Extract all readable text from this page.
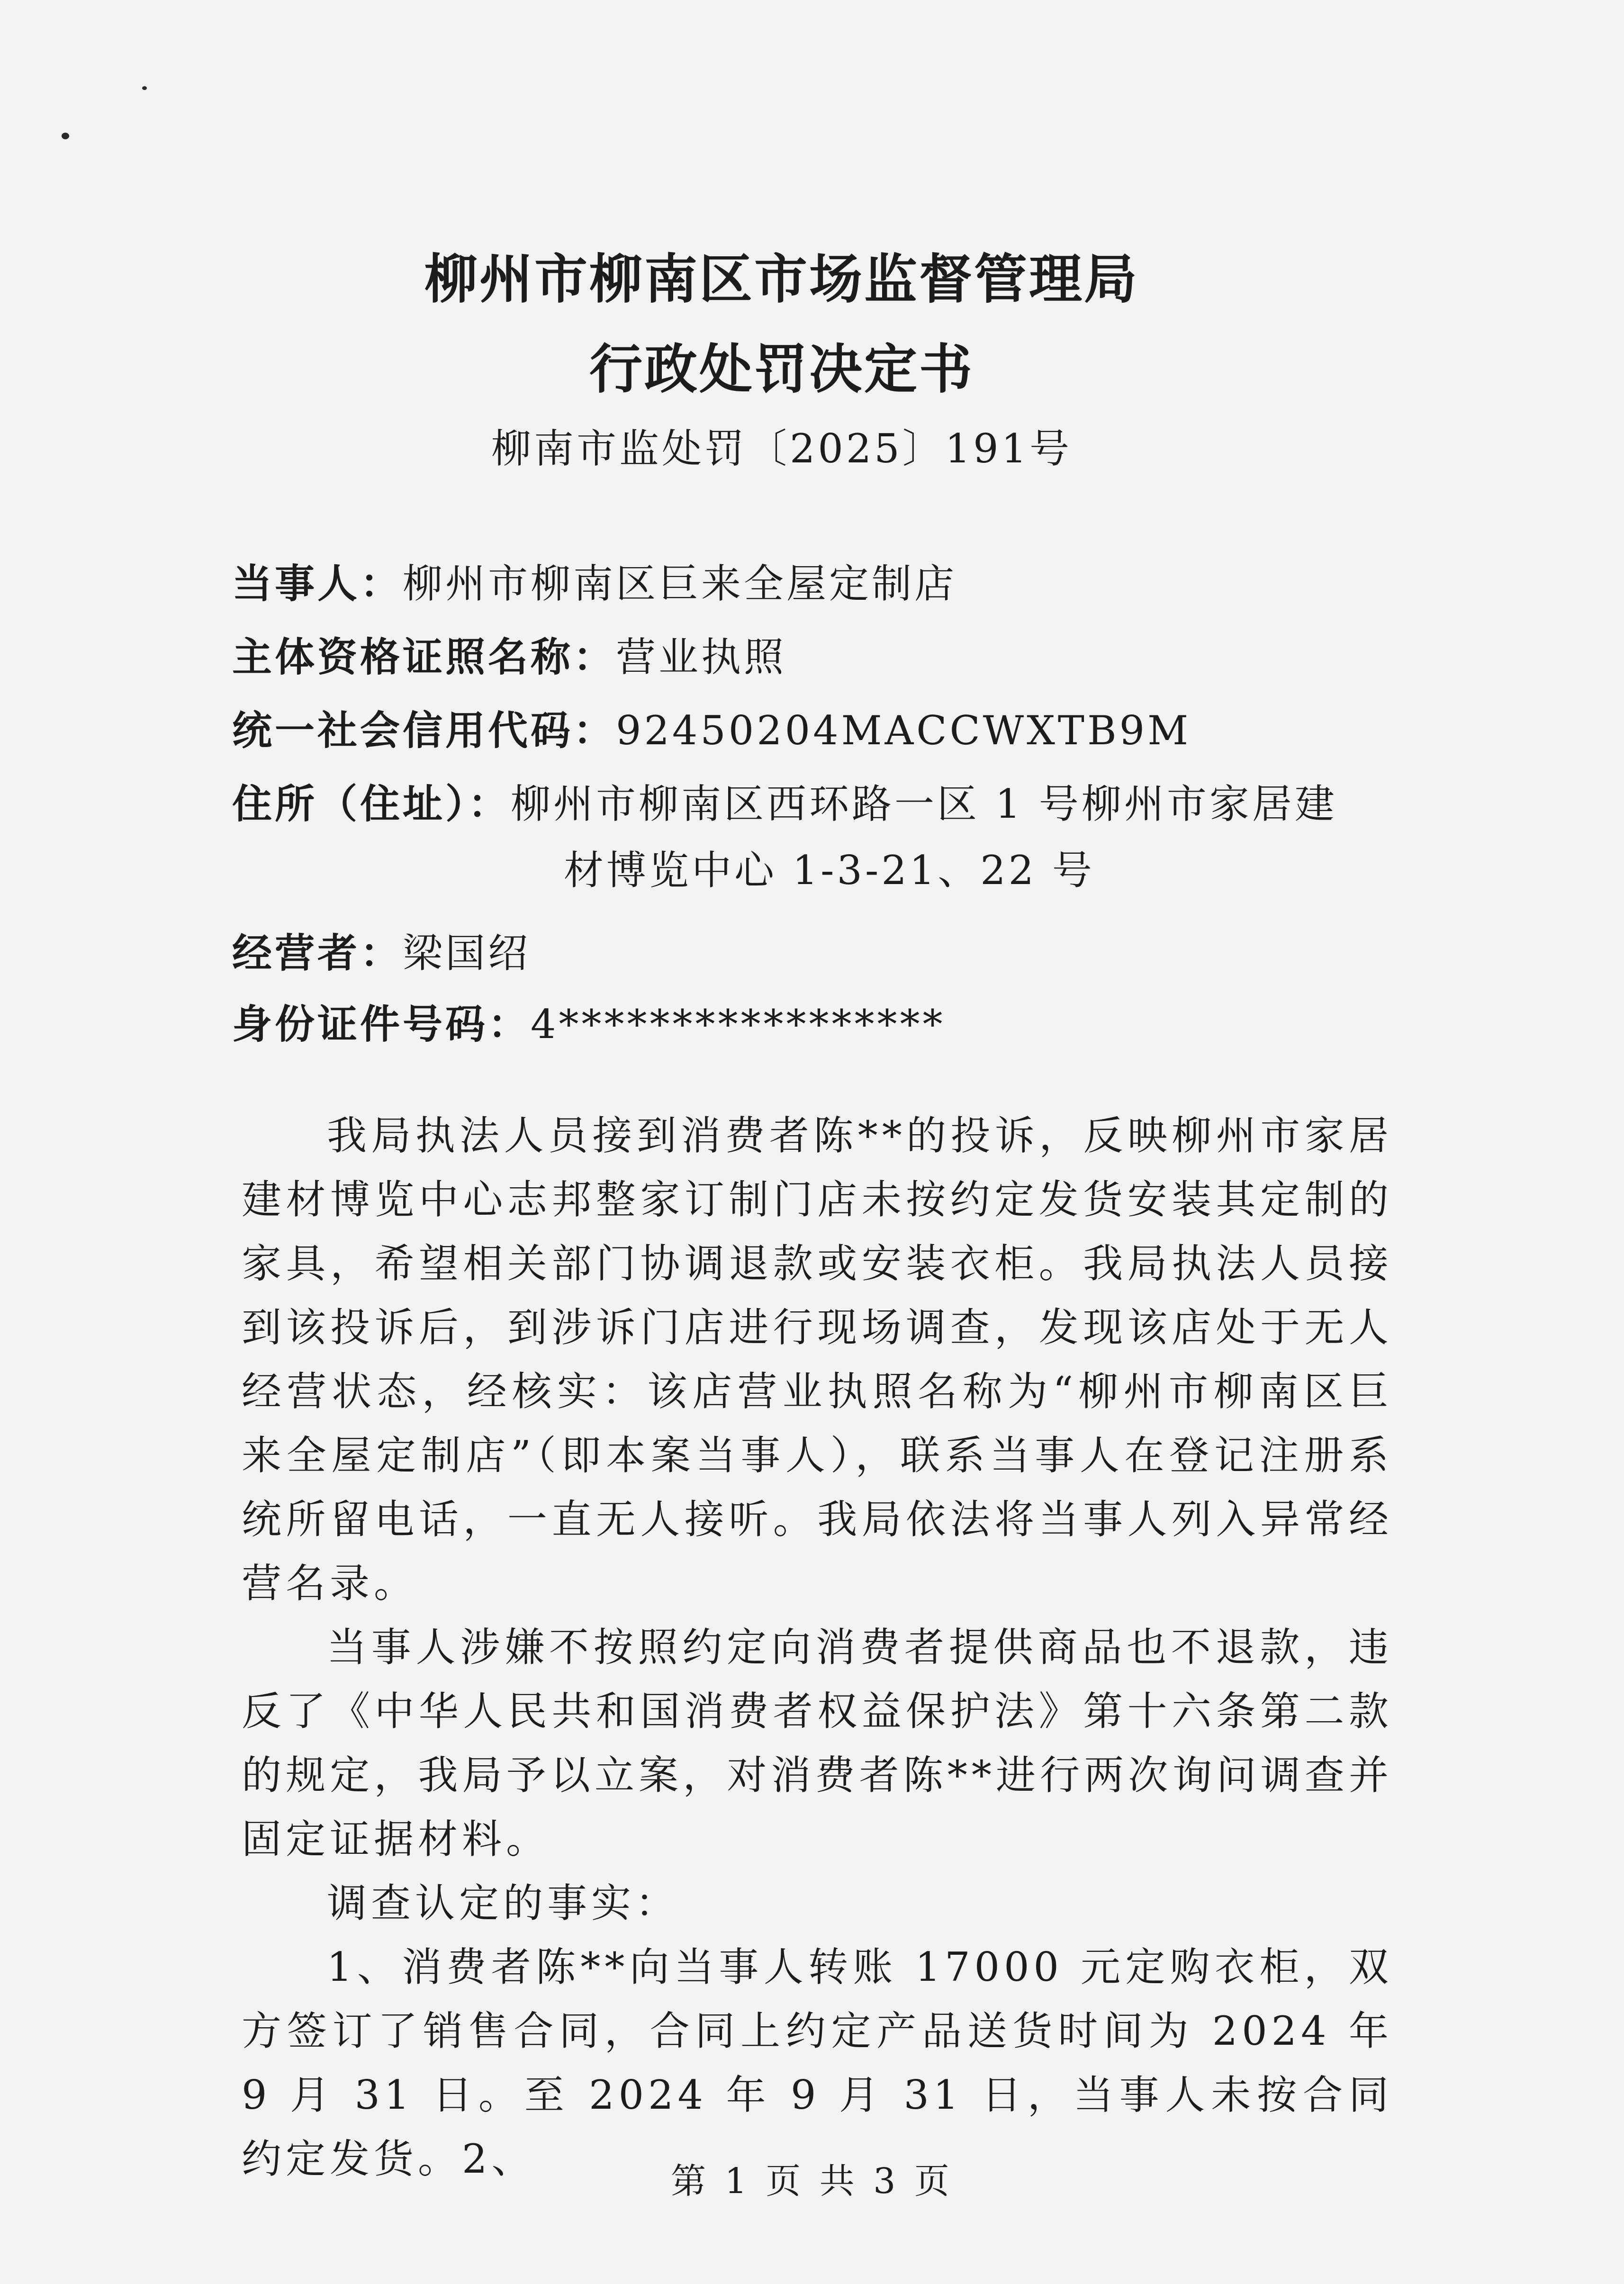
柳州市柳南区市场监督管理局
行政处罚决定书
柳南市监处罚〔2025〕191号
当事人：柳州市柳南区巨来全屋定制店
主体资格证照名称：营业执照
统一社会信用代码：92450204MACCWXTB9M
住所（住址）：柳州市柳南区西环路一区 1 号柳州市家居建
材博览中心 1-3-21、22 号
经营者：梁国绍
身份证件号码：4*****************

我局执法人员接到消费者陈**的投诉，反映柳州市家居建材博览中心志邦整家订制门店未按约定发货安装其定制的家具，希望相关部门协调退款或安装衣柜。我局执法人员接到该投诉后，到涉诉门店进行现场调查，发现该店处于无人经营状态，经核实：该店营业执照名称为“柳州市柳南区巨来全屋定制店”（即本案当事人），联系当事人在登记注册系统所留电话，一直无人接听。我局依法将当事人列入异常经营名录。

当事人涉嫌不按照约定向消费者提供商品也不退款，违反了《中华人民共和国消费者权益保护法》第十六条第二款的规定，我局予以立案，对消费者陈**进行两次询问调查并固定证据材料。

调查认定的事实：

1、消费者陈**向当事人转账 17000 元定购衣柜，双方签订了销售合同，合同上约定产品送货时间为 2024 年 9 月 31 日。至 2024 年 9 月 31 日，当事人未按合同约定发货。2、	第 1 页 共 3 页
